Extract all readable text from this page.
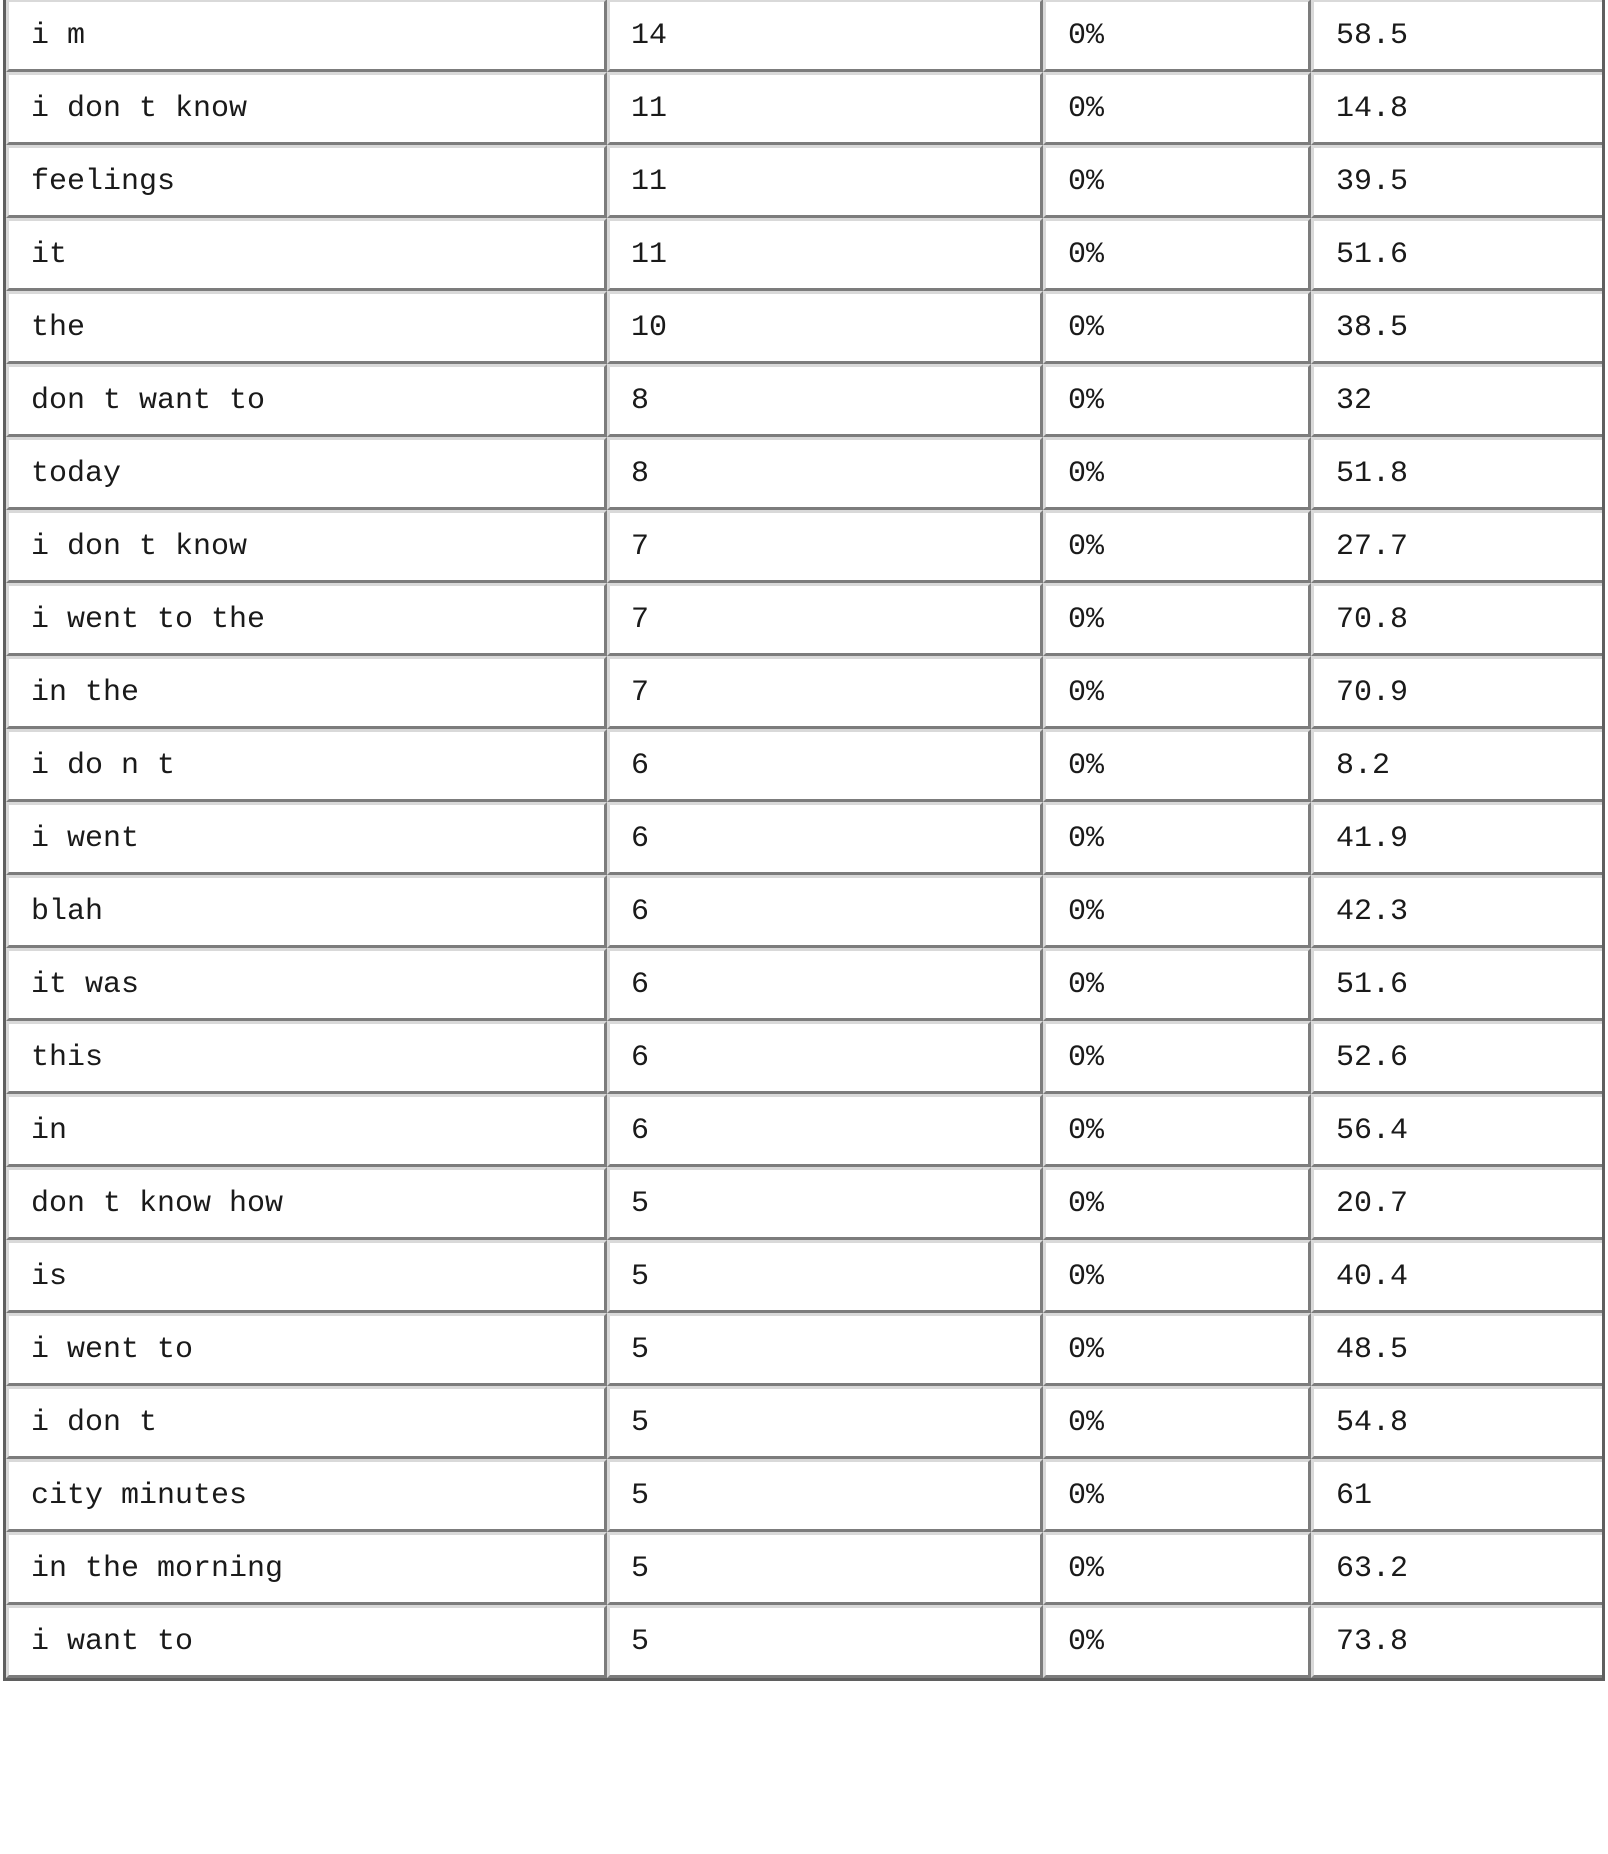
i m	14	0%	58.5
i don t know	11	0%	14.8
feelings	11	0%	39.5
it	11	0%	51.6
the	10	0%	38.5
don t want to	8	0%	32
today	8	0%	51.8
i don t know	7	0%	27.7
i went to the	7	0%	70.8
in the	7	0%	70.9
i do n t	6	0%	8.2
i went	6	0%	41.9
blah	6	0%	42.3
it was	6	0%	51.6
this	6	0%	52.6
in	6	0%	56.4
don t know how	5	0%	20.7
is	5	0%	40.4
i went to	5	0%	48.5
i don t	5	0%	54.8
city minutes	5	0%	61
in the morning	5	0%	63.2
i want to	5	0%	73.8
